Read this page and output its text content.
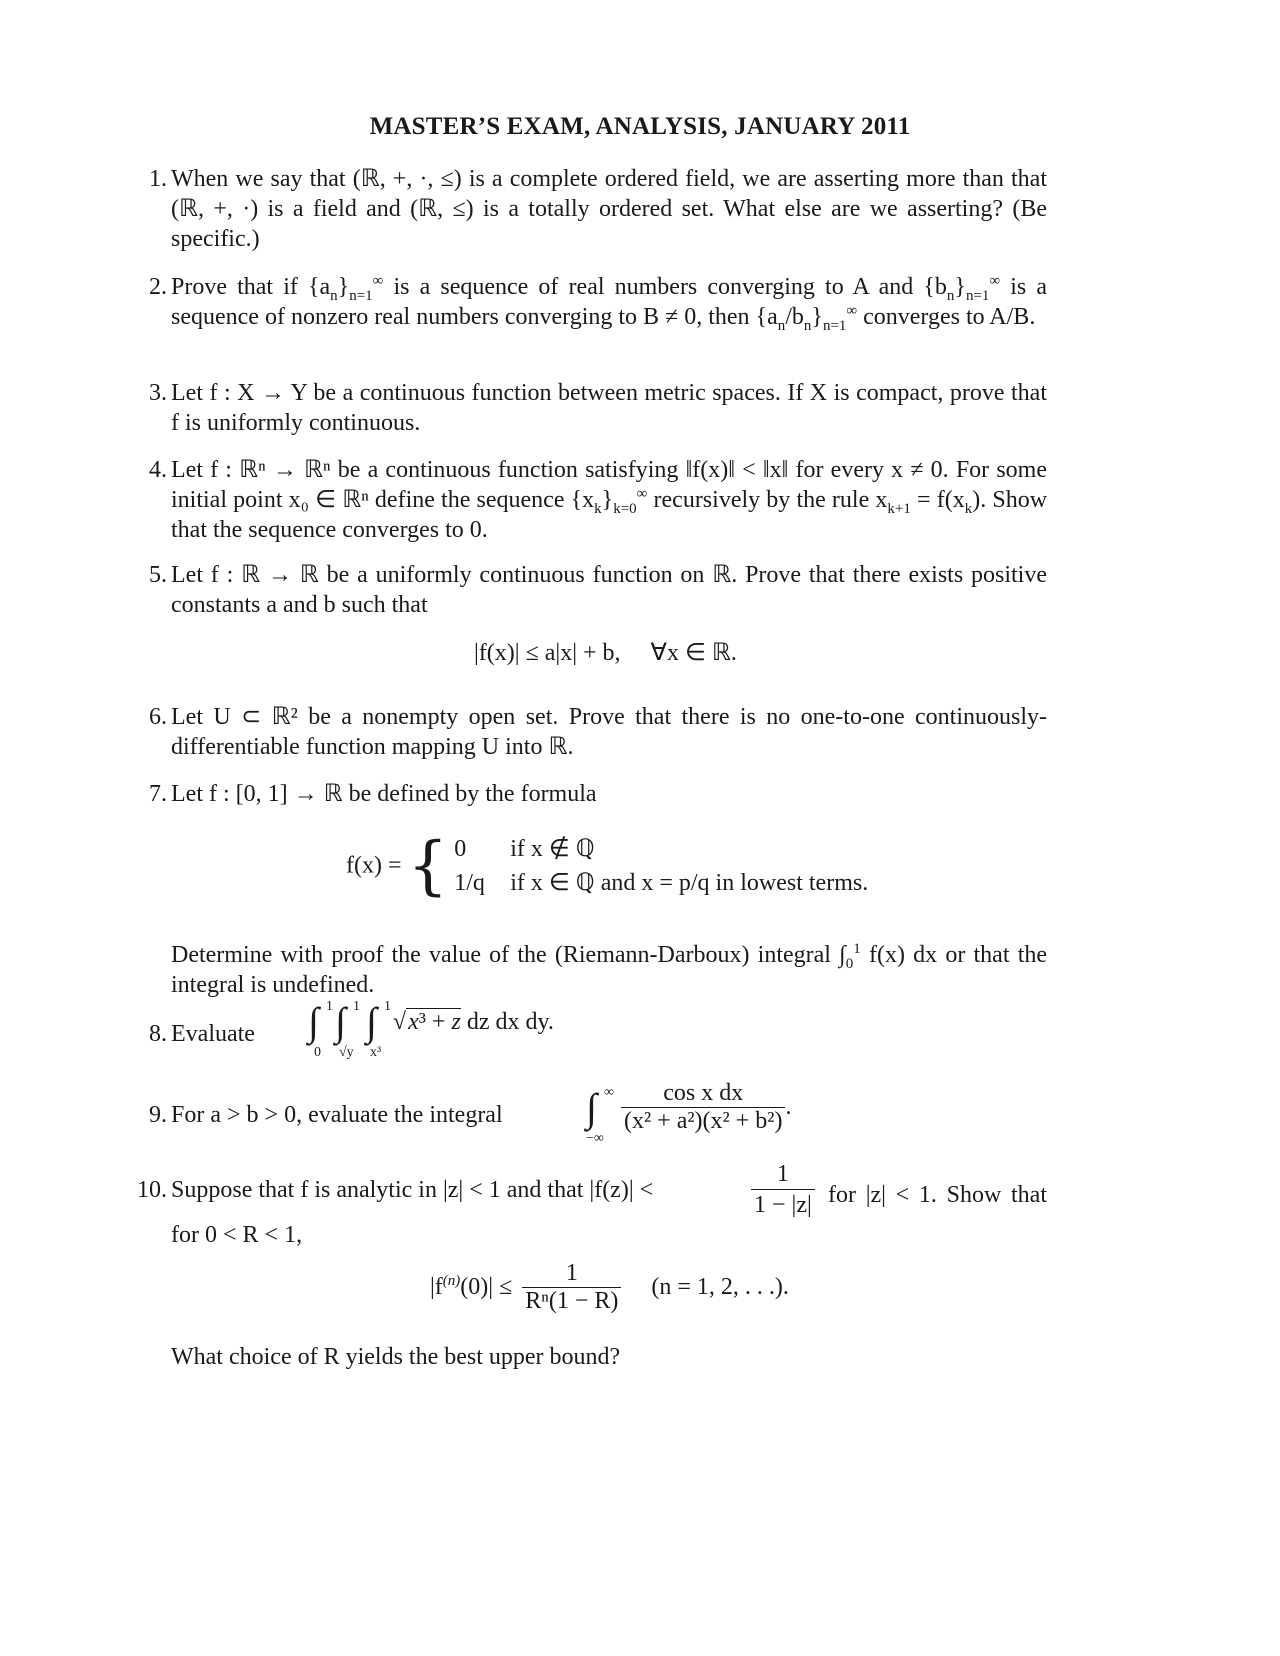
MASTER’S EXAM, ANALYSIS, JANUARY 2011
1. When we say that (ℝ, +, ·, ≤) is a complete ordered field, we are asserting more than that (ℝ, +, ·) is a field and (ℝ, ≤) is a totally ordered set. What else are we asserting? (Be specific.)
2. Prove that if $\{a_n\}_{n=1}^\infty$ is a sequence of real numbers converging to A and $\{b_n\}_{n=1}^\infty$ is a sequence of nonzero real numbers converging to B ≠ 0, then $\{a_n/b_n\}_{n=1}^\infty$ converges to A/B.
3. Let f : X → Y be a continuous function between metric spaces. If X is compact, prove that f is uniformly continuous.
4. Let f : ℝⁿ → ℝⁿ be a continuous function satisfying ‖f(x)‖ < ‖x‖ for every x ≠ 0. For some initial point x₀ ∈ ℝⁿ define the sequence $\{x_k\}_{k=0}^\infty$ recursively by the rule $x_{k+1} = f(x_k)$. Show that the sequence converges to 0.
5. Let f : ℝ → ℝ be a uniformly continuous function on ℝ. Prove that there exists positive constants a and b such that
|f(x)| ≤ a|x| + b,     ∀x ∈ ℝ.
6. Let U ⊂ ℝ² be a nonempty open set. Prove that there is no one-to-one continuously-differentiable function mapping U into ℝ.
7. Let f : [0, 1] → ℝ be defined by the formula
f(x) = { 0 if x ∉ ℚ
1/q if x ∈ ℚ and x = p/q in lowest terms.
Determine with proof the value of the (Riemann-Darboux) integral $\int_0^1$ f(x) dx or that the integral is undefined.
8. Evaluate	∫ 1
0
∫ 1
√y
∫ 1
x³
√x³ + z dz dx dy.
9. For a > b > 0, evaluate the integral	∫ ∞
−∞

$\frac{\text{cos x dx}}{\text{(x² + a²)(x² + b²)}}$ .
10. Suppose that f is analytic in |z| < 1 and that |f(z)| <	$\frac{1}{1 - |z|}$ for |z| < 1. Show that for 0 < R < 1,
$|f^{(n)}(0)| \le \frac{1}{\text{Rⁿ(1 − R)}} (n = 1$, 2, . . .).
What choice of R yields the best upper bound?
